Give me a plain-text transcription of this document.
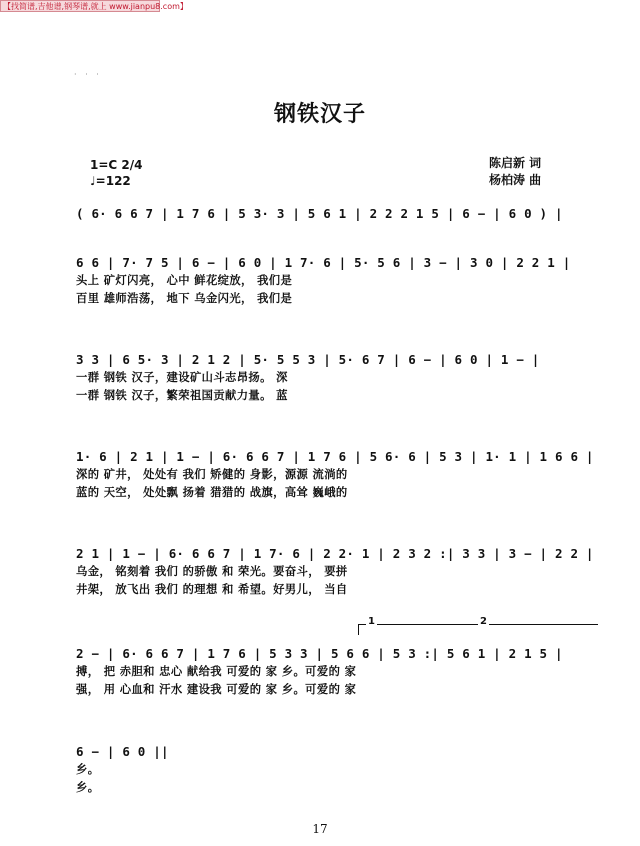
【找简谱,吉他谱,钢琴谱,就上 www.jianpu8.com】
· · ·
钢铁汉子
1=C 2/4
♩=122
陈启新 词
杨柏涛 曲
( 6· 6 6 7 | 1 7 6 | 5 3· 3 | 5 6 1 | 2 2 2 1 5 | 6 − | 6 0 ) |
6 6 | 7· 7 5 | 6 − | 6 0 | 1 7· 6 | 5· 5 6 | 3 − | 3 0 | 2 2 1 |
头上 矿灯闪亮， 心中 鲜花绽放， 我们是
百里 雄师浩荡， 地下 乌金闪光， 我们是
3 3 | 6 5· 3 | 2 1 2 | 5· 5 5 3 | 5· 6 7 | 6 − | 6 0 | 1 − |
一群 钢铁 汉子，建设矿山斗志昂扬。 深
一群 钢铁 汉子，繁荣祖国贡献力量。 蓝
1· 6 | 2 1 | 1 − | 6· 6 6 7 | 1 7 6 | 5 6· 6 | 5 3 | 1· 1 | 1 6 6 |
深的 矿井， 处处有 我们 矫健的 身影，源源 流淌的
蓝的 天空， 处处飘 扬着 猎猎的 战旗，高耸 巍峨的
2 1 | 1 − | 6· 6 6 7 | 1 7· 6 | 2 2· 1 | 2 3 2 :| 3 3 | 3 − | 2 2 |
乌金， 铭刻着 我们 的骄傲 和 荣光。要奋斗， 要拼
井架， 放飞出 我们 的理想 和 希望。好男儿， 当自
1	2
2 − | 6· 6 6 7 | 1 7 6 | 5 3 3 | 5 6 6 | 5 3 :| 5 6 1 | 2 1 5 |
搏， 把 赤胆和 忠心 献给我 可爱的 家 乡。可爱的 家
强， 用 心血和 汗水 建设我 可爱的 家 乡。可爱的 家
6 − | 6 0 ||
乡。
乡。
17
